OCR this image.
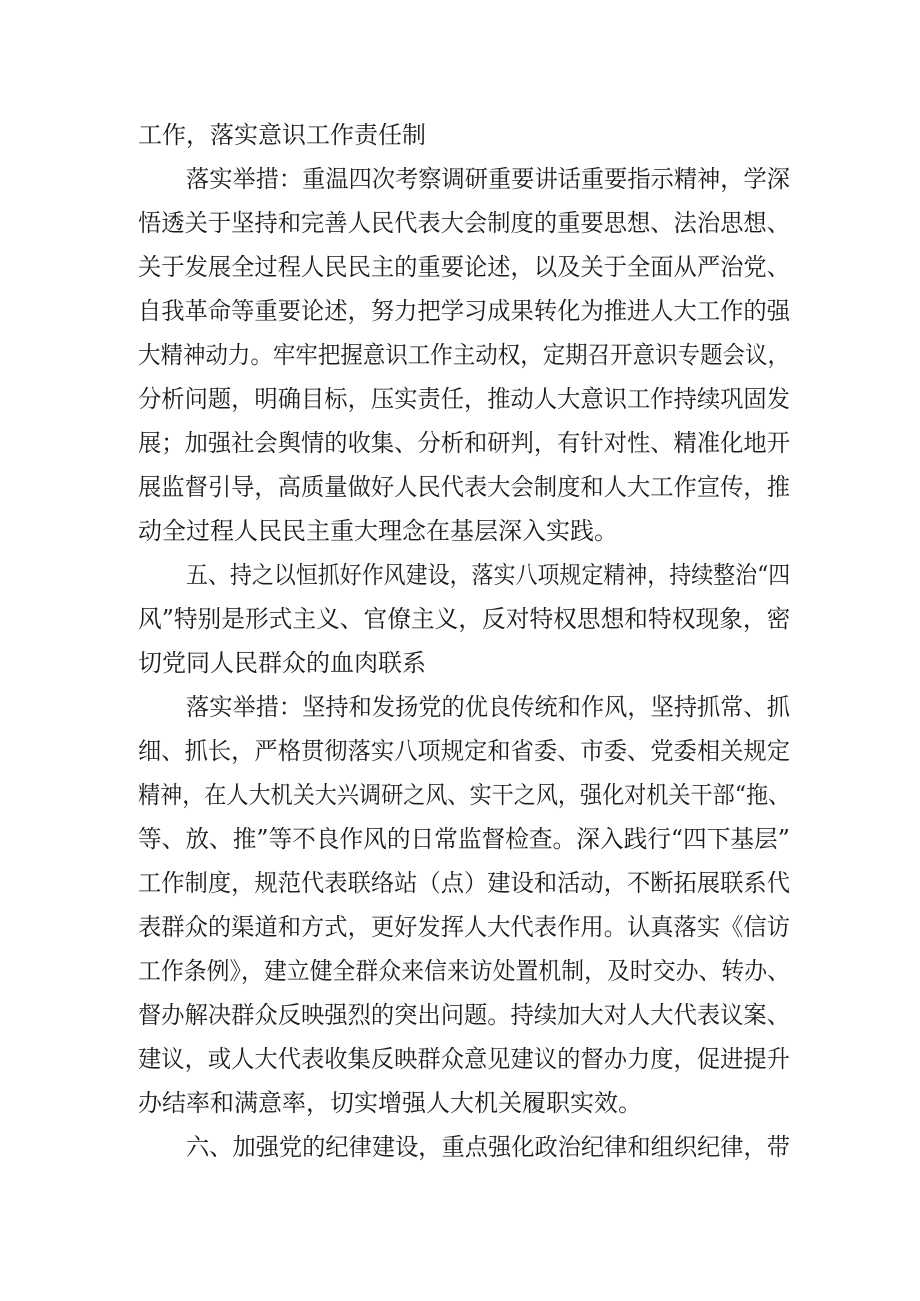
工作，落实意识工作责任制
落实举措：重温四次考察调研重要讲话重要指示精神，学深
悟透关于坚持和完善人民代表大会制度的重要思想、法治思想、
关于发展全过程人民民主的重要论述，以及关于全面从严治党、
自我革命等重要论述，努力把学习成果转化为推进人大工作的强
大精神动力。牢牢把握意识工作主动权，定期召开意识专题会议，
分析问题，明确目标，压实责任，推动人大意识工作持续巩固发
展；加强社会舆情的收集、分析和研判，有针对性、精准化地开
展监督引导，高质量做好人民代表大会制度和人大工作宣传，推
动全过程人民民主重大理念在基层深入实践。
五、持之以恒抓好作风建设，落实八项规定精神，持续整治“四
风”特别是形式主义、官僚主义，反对特权思想和特权现象，密
切党同人民群众的血肉联系
落实举措：坚持和发扬党的优良传统和作风，坚持抓常、抓
细、抓长，严格贯彻落实八项规定和省委、市委、党委相关规定
精神，在人大机关大兴调研之风、实干之风，强化对机关干部“拖、
等、放、推”等不良作风的日常监督检查。深入践行“四下基层”
工作制度，规范代表联络站（点）建设和活动，不断拓展联系代
表群众的渠道和方式，更好发挥人大代表作用。认真落实《信访
工作条例》，建立健全群众来信来访处置机制，及时交办、转办、
督办解决群众反映强烈的突出问题。持续加大对人大代表议案、
建议，或人大代表收集反映群众意见建议的督办力度，促进提升
办结率和满意率，切实增强人大机关履职实效。
六、加强党的纪律建设，重点强化政治纪律和组织纪律，带
